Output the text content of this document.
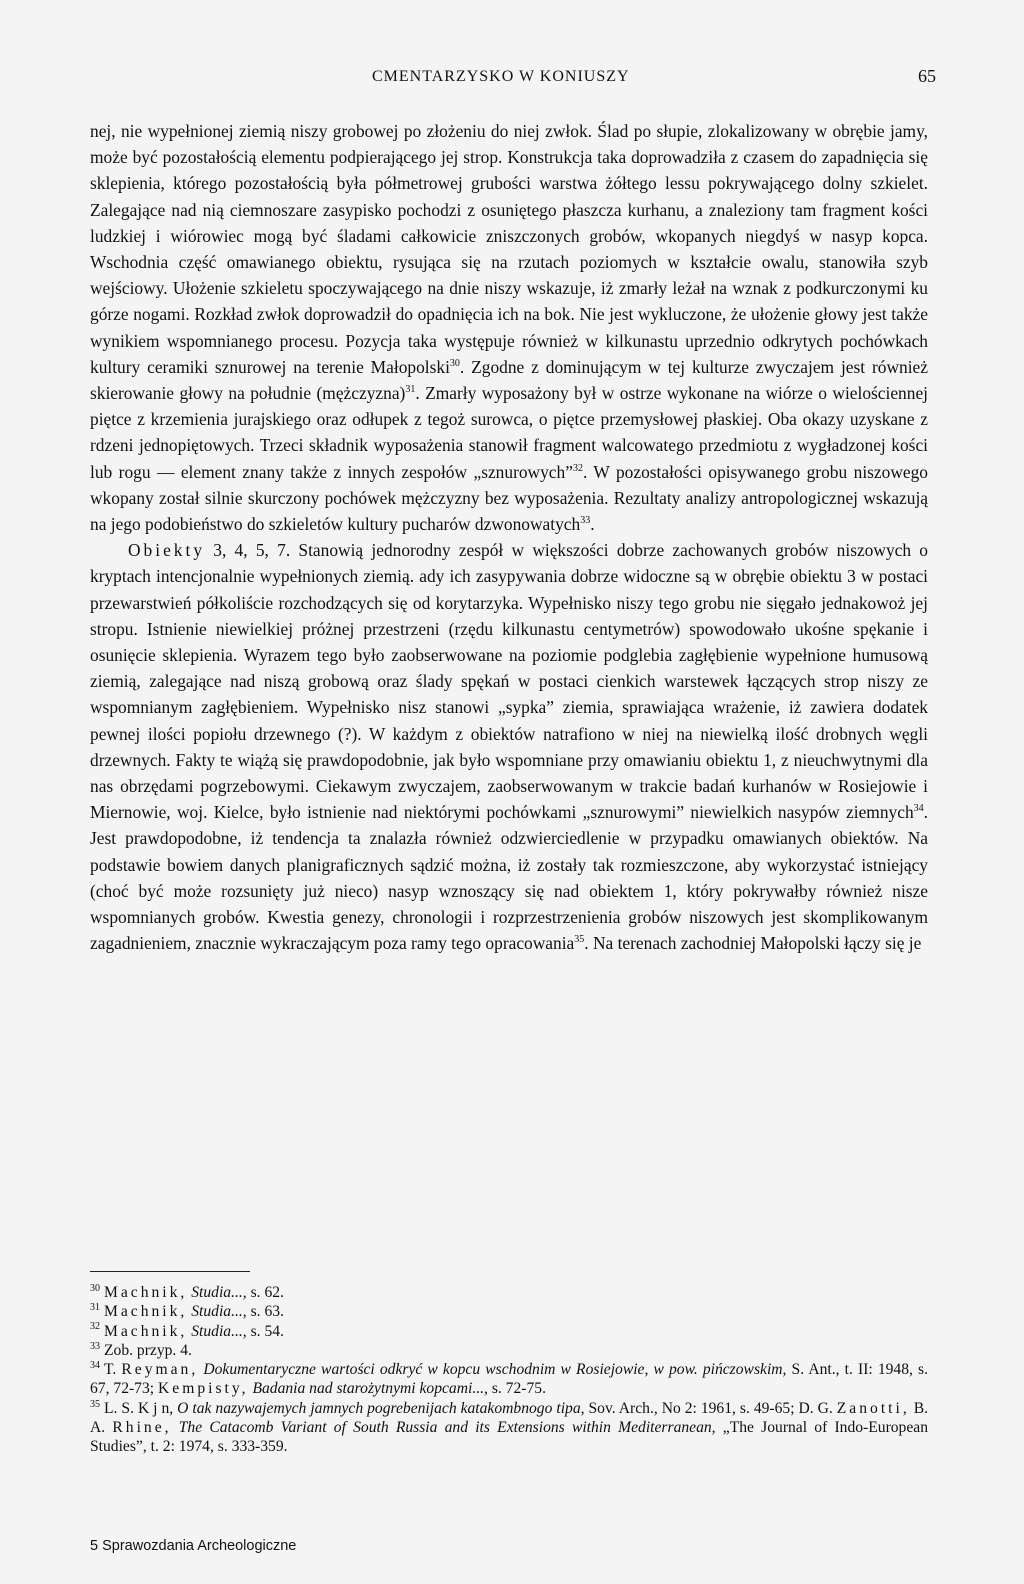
CMENTARZYSKO W KONIUSZY	65

nej, nie wypełnionej ziemią niszy grobowej po złożeniu do niej zwłok. Ślad po słupie, zlokalizowany w obrębie jamy, może być pozostałością elementu podpierającego jej strop. Konstrukcja taka doprowadziła z czasem do zapadnięcia się sklepienia, którego pozostałością była półmetrowej grubości warstwa żółtego lessu pokrywającego dolny szkielet. Zalegające nad nią ciemnoszare zasypisko pochodzi z osuniętego płaszcza kurhanu, a znaleziony tam fragment kości ludzkiej i wiórowiec mogą być śladami całkowicie zniszczonych grobów, wkopanych niegdyś w nasyp kopca. Wschodnia część omawianego obiektu, rysująca się na rzutach poziomych w kształcie owalu, stanowiła szyb wejściowy. Ułożenie szkieletu spoczywającego na dnie niszy wskazuje, iż zmarły leżał na wznak z podkurczonymi ku górze nogami. Rozkład zwłok doprowadził do opadnięcia ich na bok. Nie jest wykluczone, że ułożenie głowy jest także wynikiem wspomnianego procesu. Pozycja taka występuje również w kilkunastu uprzednio odkrytych pochówkach kultury ceramiki sznurowej na terenie Małopolski$^{30}$. Zgodne z dominującym w tej kulturze zwyczajem jest również skierowanie głowy na południe (mężczyzna)$^{31}$. Zmarły wyposażony był w ostrze wykonane na wiórze o wielościennej piętce z krzemienia jurajskiego oraz odłupek z tegoż surowca, o piętce przemysłowej płaskiej. Oba okazy uzyskane z rdzeni jednopiętowych. Trzeci składnik wyposażenia stanowił fragment walcowatego przedmiotu z wygładzonej kości lub rogu — element znany także z innych zespołów „sznurowych”$^{32}$. W pozostałości opisywanego grobu niszowego wkopany został silnie skurczony pochówek mężczyzny bez wyposażenia. Rezultaty analizy antropologicznej wskazują na jego podobieństwo do szkieletów kultury pucharów dzwonowatych$^{33}$.

Obiekty 3, 4, 5, 7. Stanowią jednorodny zespół w większości dobrze zachowanych grobów niszowych o kryptach intencjonalnie wypełnionych ziemią. ady ich zasypywania dobrze widoczne są w obrębie obiektu 3 w postaci przewarstwień półkoliście rozchodzących się od korytarzyka. Wypełnisko niszy tego grobu nie sięgało jednakowoż jej stropu. Istnienie niewielkiej próżnej przestrzeni (rzędu kilkunastu centymetrów) spowodowało ukośne spękanie i osunięcie sklepienia. Wyrazem tego było zaobserwowane na poziomie podglebia zagłębienie wypełnione humusową ziemią, zalegające nad niszą grobową oraz ślady spękań w postaci cienkich warstewek łączących strop niszy ze wspomnianym zagłębieniem. Wypełnisko nisz stanowi „sypka” ziemia, sprawiająca wrażenie, iż zawiera dodatek pewnej ilości popiołu drzewnego (?). W każdym z obiektów natrafiono w niej na niewielką ilość drobnych węgli drzewnych. Fakty te wiążą się prawdopodobnie, jak było wspomniane przy omawianiu obiektu 1, z nieuchwytnymi dla nas obrzędami pogrzebowymi. Ciekawym zwyczajem, zaobserwowanym w trakcie badań kurhanów w Rosiejowie i Miernowie, woj. Kielce, było istnienie nad niektórymi pochówkami „sznurowymi” niewielkich nasypów ziemnych$^{34}$. Jest prawdopodobne, iż tendencja ta znalazła również odzwierciedlenie w przypadku omawianych obiektów. Na podstawie bowiem danych planigraficznych sądzić można, iż zostały tak rozmieszczone, aby wykorzystać istniejący (choć być może rozsunięty już nieco) nasyp wznoszący się nad obiektem 1, który pokrywałby również nisze wspomnianych grobów. Kwestia genezy, chronologii i rozprzestrzenienia grobów niszowych jest skomplikowanym zagadnieniem, znacznie wykraczającym poza ramy tego opracowania$^{35}$. Na terenach zachodniej Małopolski łączy się je

$^{30}$ Machnik, Studia..., s. 62.

$^{31}$ Machnik, Studia..., s. 63.

$^{32}$ Machnik, Studia..., s. 54.

$^{33}$ Zob. przyp. 4.

$^{34}$ T. Reyman, Dokumentaryczne wartości odkryć w kopcu wschodnim w Rosiejowie, w pow. pińczowskim, S. Ant., t. II: 1948, s. 67, 72-73; Kempisty, Badania nad starożytnymi kopcami..., s. 72-75.

$^{35}$ L. S. K j n, O tak nazywajemych jamnych pogrebenijach katakombnogo tipa, Sov. Arch., No 2: 1961, s. 49-65; D. G. Zanotti, B. A. Rhine, The Catacomb Variant of South Russia and its Extensions within Mediterranean, „The Journal of Indo-European Studies”, t. 2: 1974, s. 333-359.

5 Sprawozdania Archeologiczne
